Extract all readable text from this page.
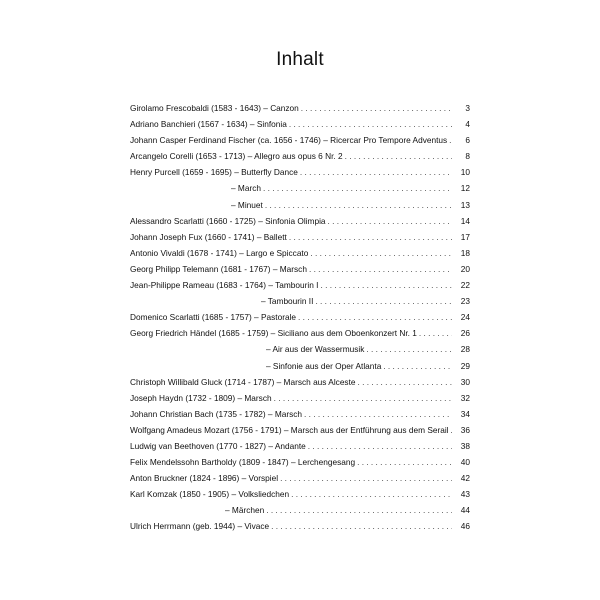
Inhalt
Girolamo Frescobaldi (1583 - 1643) – Canzon . . .	3
Adriano Banchieri (1567 - 1634) – Sinfonia . . .	4
Johann Casper Ferdinand Fischer (ca. 1656 - 1746) – Ricercar Pro Tempore Adventus . . .	6
Arcangelo Corelli (1653 - 1713) – Allegro aus opus 6 Nr. 2 . . .	8
Henry Purcell (1659 - 1695) – Butterfly Dance . . .	10
– March . . .	12
– Minuet . . .	13
Alessandro Scarlatti (1660 - 1725) – Sinfonia Olimpia . . .	14
Johann Joseph Fux (1660 - 1741) – Ballett . . .	17
Antonio Vivaldi (1678 - 1741) – Largo e Spiccato . . .	18
Georg Philipp Telemann (1681 - 1767) – Marsch . . .	20
Jean-Philippe Rameau (1683 - 1764) – Tambourin I . . .	22
– Tambourin II . . .	23
Domenico Scarlatti (1685 - 1757) – Pastorale . . .	24
Georg Friedrich Händel (1685 - 1759) – Siciliano aus dem Oboenkonzert Nr. 1 . . .	26
– Air aus der Wassermusik . . .	28
– Sinfonie aus der Oper Atlanta . . .	29
Christoph Willibald Gluck (1714 - 1787) – Marsch aus Alceste . . .	30
Joseph Haydn (1732 - 1809) – Marsch . . .	32
Johann Christian Bach (1735 - 1782) – Marsch . . .	34
Wolfgang Amadeus Mozart (1756 - 1791) – Marsch aus der Entführung aus dem Serail . . .	36
Ludwig van Beethoven (1770 - 1827) – Andante . . .	38
Felix Mendelssohn Bartholdy (1809 - 1847) – Lerchengesang . . .	40
Anton Bruckner (1824 - 1896) – Vorspiel . . .	42
Karl Komzak (1850 - 1905) – Volksliedchen . . .	43
– Märchen . . .	44
Ulrich Herrmann (geb. 1944) – Vivace . . .	46
